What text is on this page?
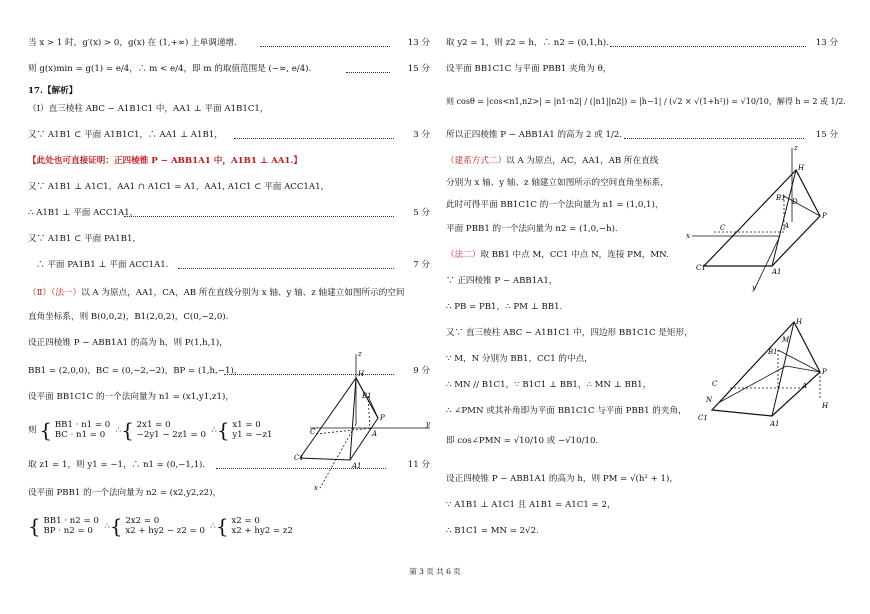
当 x > 1 时，g′(x) > 0，g(x) 在 (1,+∞) 上单调递增.	13 分
则 g(x)min = g(1) = e/4，∴ m < e/4，即 m 的取值范围是 (−∞, e/4).	15 分
17.【解析】
（Ⅰ）直三棱柱 ABC − A1B1C1 中，AA1 ⊥ 平面 A1B1C1，
又∵ A1B1 ⊂ 平面 A1B1C1，∴ AA1 ⊥ A1B1，	3 分
【此处也可直接证明：正四棱锥 P − ABB1A1 中，A1B1 ⊥ AA1.】
又∵ A1B1 ⊥ A1C1，AA1 ∩ A1C1 = A1，AA1, A1C1 ⊂ 平面 ACC1A1，
∴ A1B1 ⊥ 平面 ACC1A1，	5 分
又∵ A1B1 ⊂ 平面 PA1B1，
∴ 平面 PA1B1 ⊥ 平面 ACC1A1.	7 分
（Ⅱ）（法一）以 A 为原点，AA1，CA，AB 所在直线分别为 x 轴、y 轴、z 轴建立如图所示的空间
直角坐标系，则 B(0,0,2)，B1(2,0,2)，C(0,−2,0).
设正四棱锥 P − ABB1A1 的高为 h，则 P(1,h,1)，
BB1 = (2,0,0)，BC = (0,−2,−2)，BP = (1,h,−1)，	9 分
设平面 BB1C1C 的一个法向量为 n1 = (x1,y1,z1)，
则 { BB1 · n1 = 0
BC · n1 = 0  ∴{ 2x1 = 0
−2y1 − 2z1 = 0  ∴{ x1 = 0
y1 = −z1
取 z1 = 1，则 y1 = −1，∴ n1 = (0,−1,1).	11 分
设平面 PBB1 的一个法向量为 n2 = (x2,y2,z2)，
{ BB1 · n2 = 0
BP · n2 = 0  ∴{ 2x2 = 0
x2 + hy2 − z2 = 0  ∴{ x2 = 0
x2 + hy2 = z2
z
H
B1
P
C	A
y
C1
A1
x
取 y2 = 1，则 z2 = h，∴ n2 = (0,1,h).	13 分
设平面 BB1C1C 与平面 PBB1 夹角为 θ，
则 cosθ = |cos<n1,n2>| = |n1·n2| / (|n1||n2|) = |h−1| / (√2 × √(1+h²)) = √10/10，解得 h = 2 或 1/2.
所以正四棱锥 P − ABB1A1 的高为 2 或 1/2.	15 分
（建系方式二）以 A 为原点，AC，AA1，AB 所在直线
分别为 x 轴、y 轴、z 轴建立如图所示的空间直角坐标系，
此时可得平面 BB1C1C 的一个法向量为 n1 = (1,0,1)，
平面 PBB1 的一个法向量为 n2 = (1,0,−h).
（法二）取 BB1 中点 M，CC1 中点 N，连接 PM，MN.
∵ 正四棱锥 P − ABB1A1，
∴ PB = PB1，∴ PM ⊥ BB1.
又∵ 直三棱柱 ABC − A1B1C1 中，四边形 BB1C1C 是矩形，
∵ M，N 分别为 BB1，CC1 的中点，
∴ MN // B1C1，∵ B1C1 ⊥ BB1，∴ MN ⊥ BB1，
∴ ∠PMN 或其补角即为平面 BB1C1C 与平面 PBB1 的夹角，
即 cos∠PMN = √10/10 或 −√10/10.
设正四棱锥 P − ABB1A1 的高为 h，则 PM = √(h² + 1)，
∵ A1B1 ⊥ A1C1 且 A1B1 = A1C1 = 2，
∴ B1C1 = MN = 2√2.
z
H
B1 D
A
P
x
C
C1	A1
y
H
M
B1
P
C	A
N
C1
A1
H
第 3 页 共 6 页
